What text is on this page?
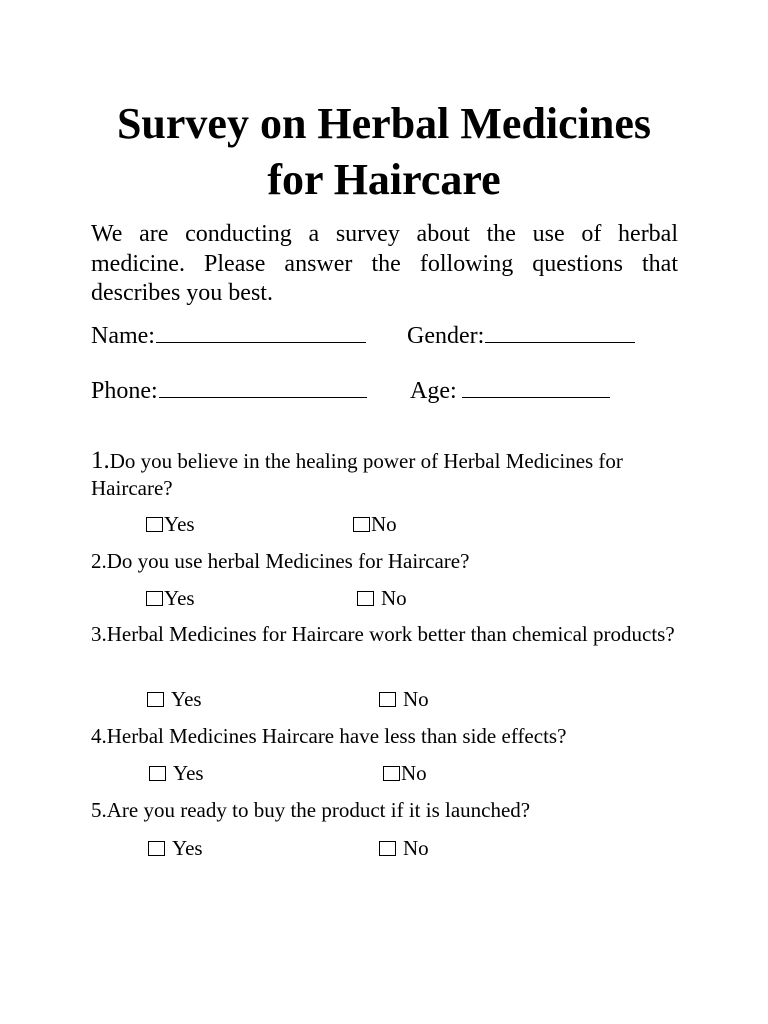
Survey on Herbal Medicines
for Haircare

We are conducting a survey about the use of herbal medicine. Please answer the following questions that describes you best.

Name:	Gender:
Phone:	Age:

1.Do you believe in the healing power of Herbal Medicines for Haircare?

Yes	No

2.Do you use herbal Medicines for Haircare?

Yes	No

3.Herbal Medicines for Haircare work better than chemical products?

Yes	No

4.Herbal Medicines Haircare have less than side effects?

Yes	No

5.Are you ready to buy the product if it is launched?

Yes	No
